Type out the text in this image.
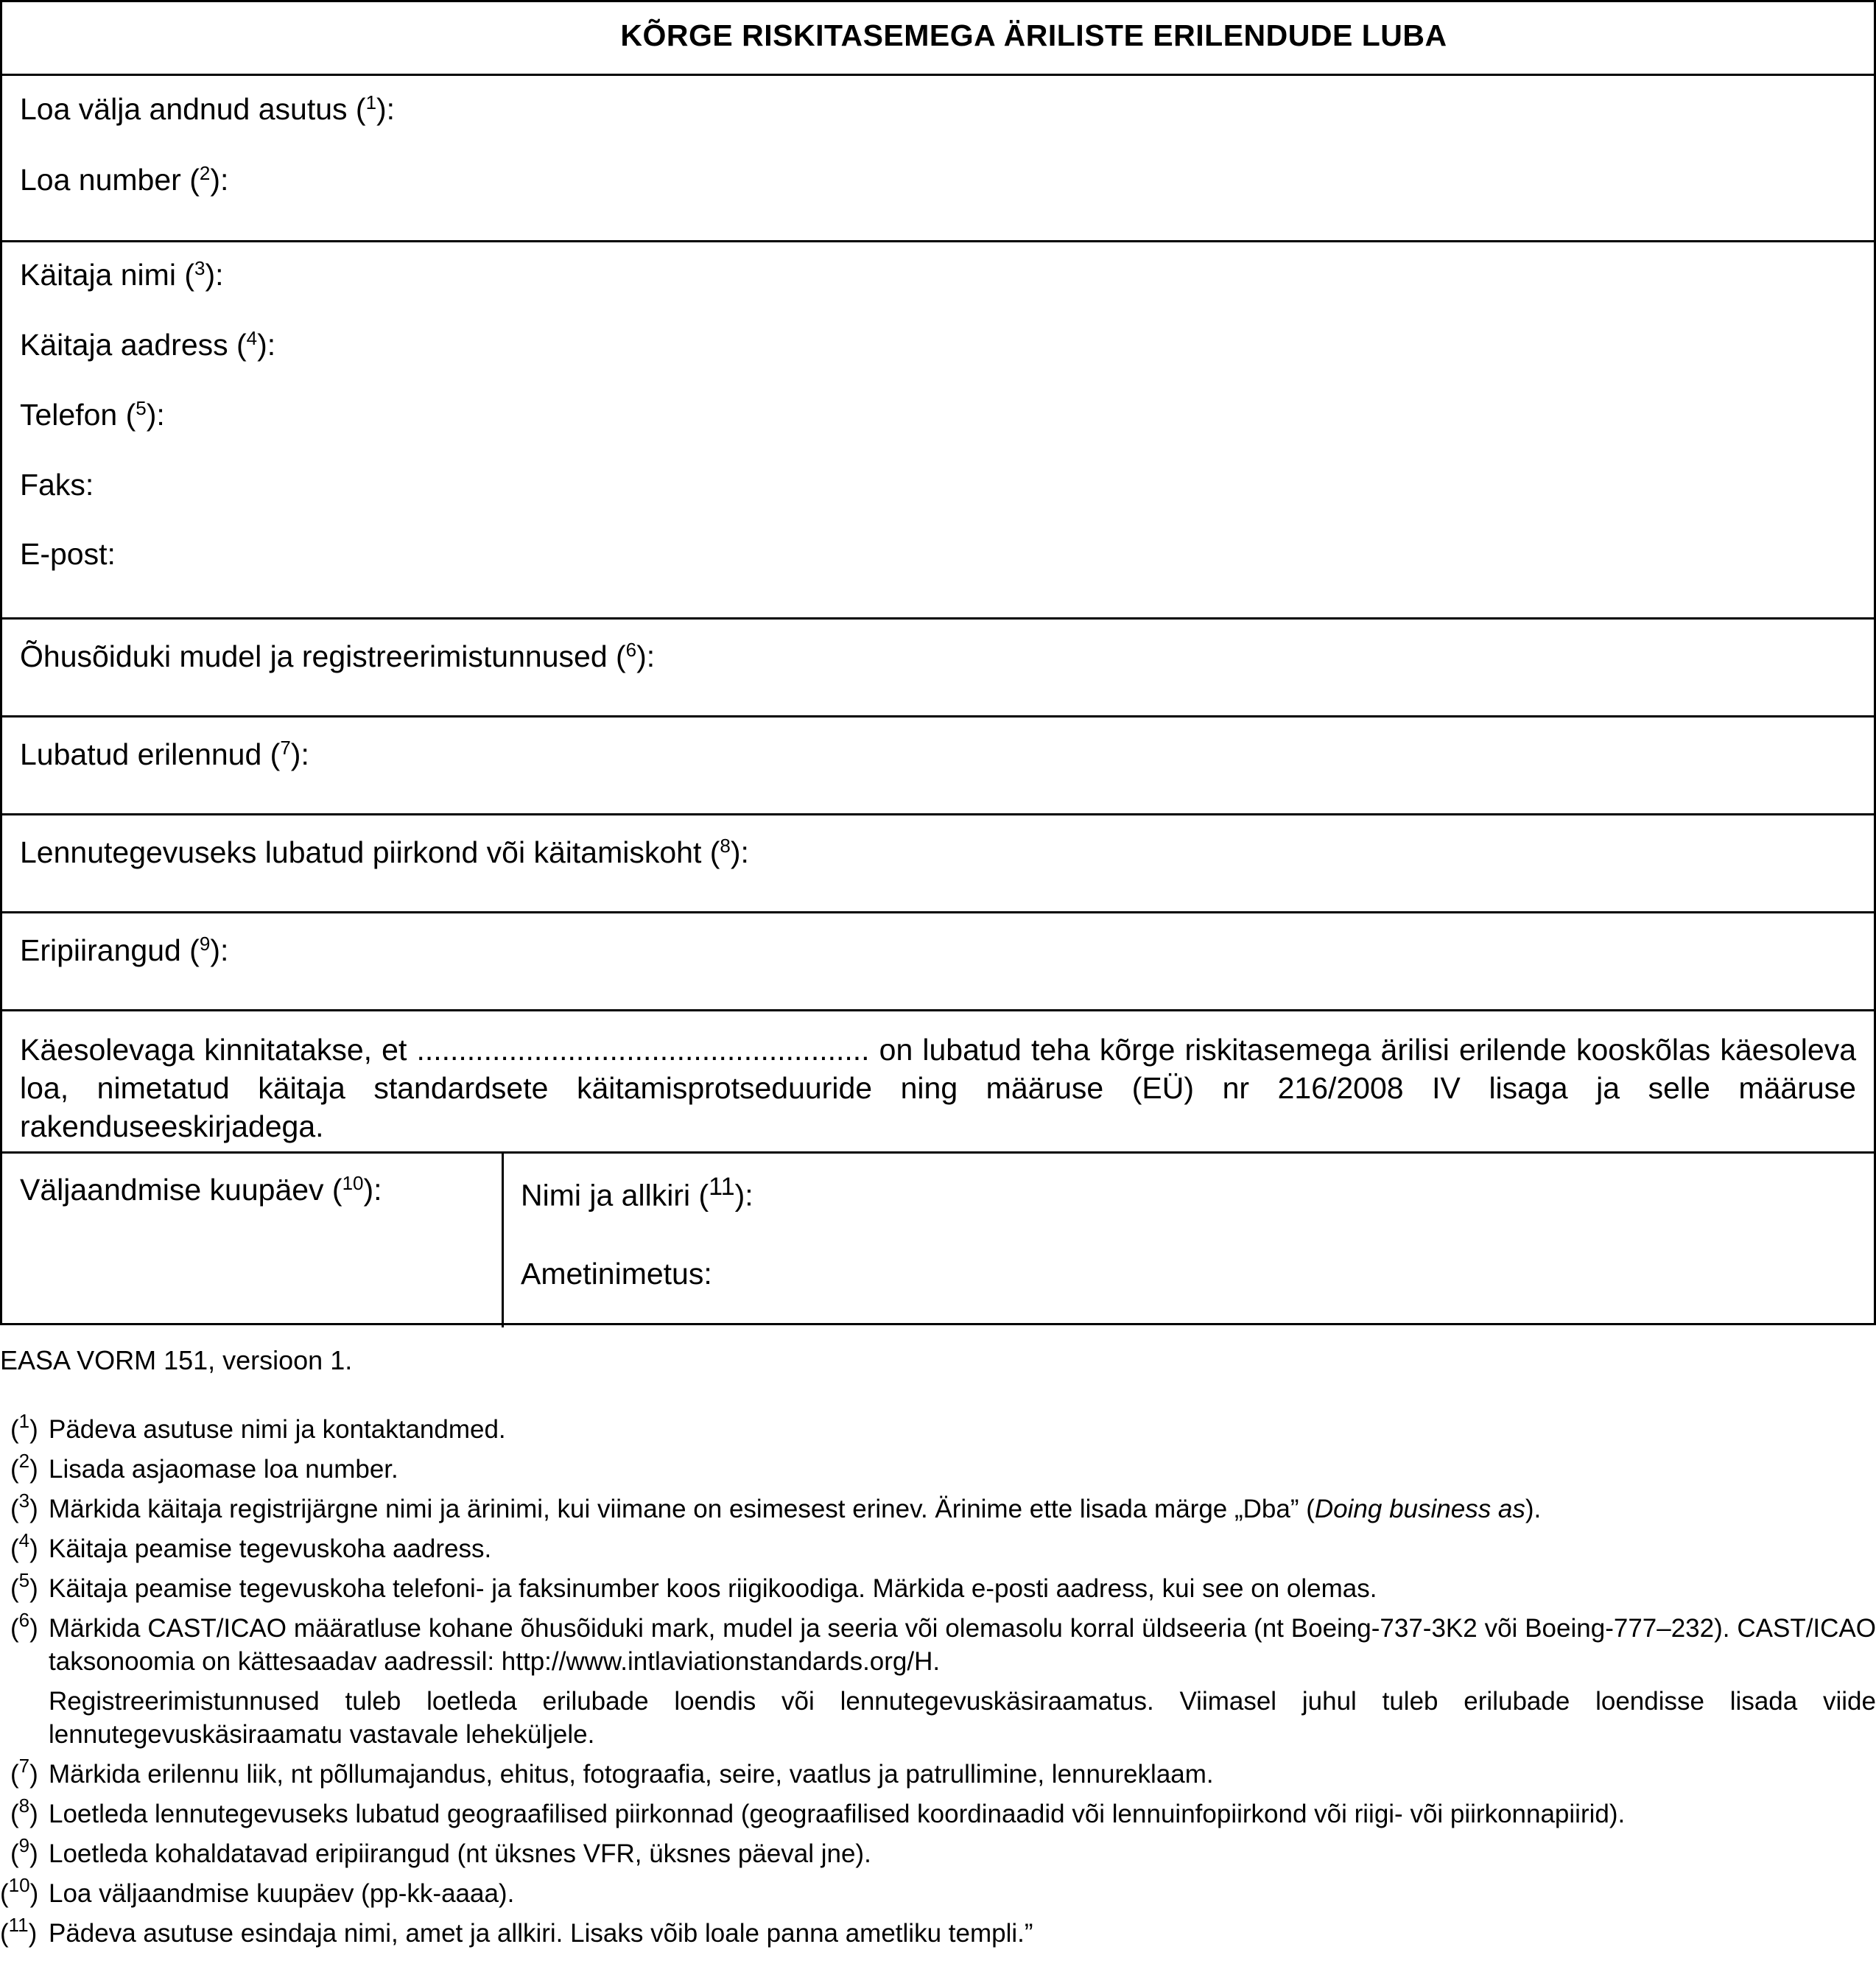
KÕRGE RISKITASEMEGA ÄRILISTE ERILENDUDE LUBA
Loa välja andnud asutus ($^1$):
Loa number ($^2$):
Käitaja nimi ($^3$):
Käitaja aadress ($^4$):
Telefon ($^5$):
Faks:
E-post:
Õhusõiduki mudel ja registreerimistunnused ($^6$):
Lubatud erilennud ($^7$):
Lennutegevuseks lubatud piirkond või käitamiskoht ($^8$):
Eripiirangud ($^9$):
Käesolevaga kinnitatakse, et ...................................................... on lubatud teha kõrge riskitasemega ärilisi erilende kooskõlas käesoleva loa, nimetatud käitaja standardsete käitamisprotseduuride ning määruse (EÜ) nr 216/2008 IV lisaga ja selle määruse rakenduseeskirjadega.
Väljaandmise kuupäev ($^{10}$):	Nimi ja allkiri ($^{11}$):
Ametinimetus:
EASA VORM 151, versioon 1.
($^1$) Pädeva asutuse nimi ja kontaktandmed.
($^2$) Lisada asjaomase loa number.
($^3$) Märkida käitaja registrijärgne nimi ja ärinimi, kui viimane on esimesest erinev. Ärinime ette lisada märge „Dba” (Doing business as).
($^4$) Käitaja peamise tegevuskoha aadress.
($^5$) Käitaja peamise tegevuskoha telefoni- ja faksinumber koos riigikoodiga. Märkida e-posti aadress, kui see on olemas.
($^6$) Märkida CAST/ICAO määratluse kohane õhusõiduki mark, mudel ja seeria või olemasolu korral üldseeria (nt Boeing-737-3K2 või Boeing-777–232). CAST/ICAO taksonoomia on kättesaadav aadressil: http://www.intlaviationstandards.org/H.
Registreerimistunnused tuleb loetleda erilubade loendis või lennutegevuskäsiraamatus. Viimasel juhul tuleb erilubade loendisse lisada viide lennutegevuskäsiraamatu vastavale leheküljele.
($^7$) Märkida erilennu liik, nt põllumajandus, ehitus, fotograafia, seire, vaatlus ja patrullimine, lennureklaam.
($^8$) Loetleda lennutegevuseks lubatud geograafilised piirkonnad (geograafilised koordinaadid või lennuinfopiirkond või riigi- või piirkonnapiirid).
($^9$) Loetleda kohaldatavad eripiirangud (nt üksnes VFR, üksnes päeval jne).
($^{10}$) Loa väljaandmise kuupäev (pp-kk-aaaa).
($^{11}$) Pädeva asutuse esindaja nimi, amet ja allkiri. Lisaks võib loale panna ametliku templi.”
